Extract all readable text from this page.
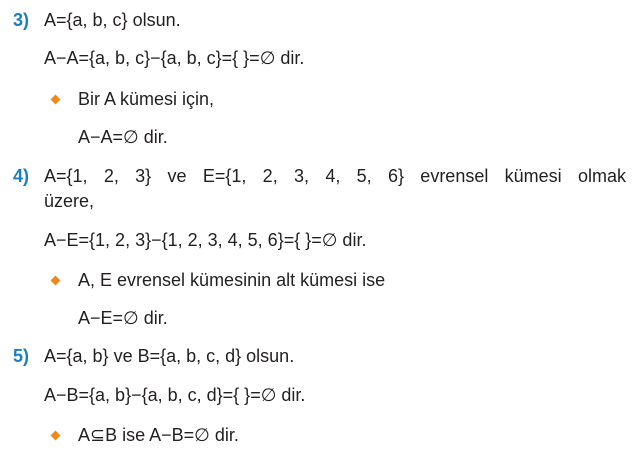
3) A={a, b, c} olsun.
A−A={a, b, c}−{a, b, c}={ }=∅ dir.
Bir A kümesi için,
A−A=∅ dir.
4) A={1, 2, 3} ve E={1, 2, 3, 4, 5, 6} evrensel kümesi olmak
üzere,
A−E={1, 2, 3}−{1, 2, 3, 4, 5, 6}={ }=∅ dir.
A, E evrensel kümesinin alt kümesi ise
A−E=∅ dir.
5) A={a, b} ve B={a, b, c, d} olsun.
A−B={a, b}−{a, b, c, d}={ }=∅ dir.
A⊆B ise A−B=∅ dir.
